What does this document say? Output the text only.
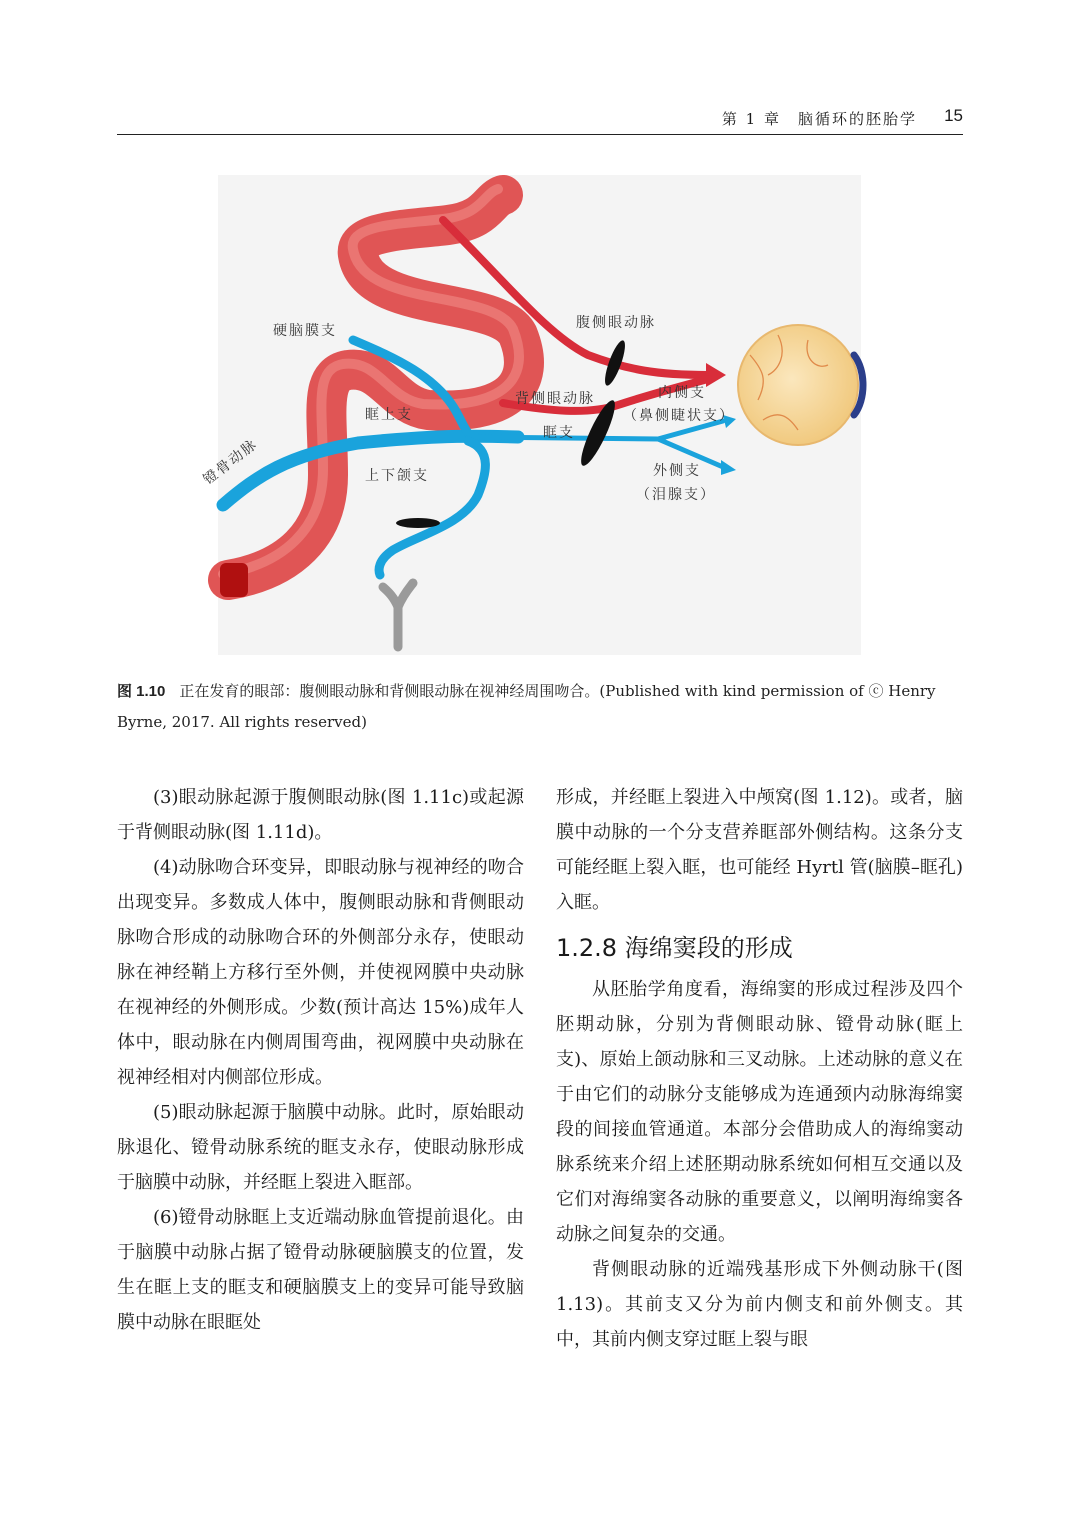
第 1 章　脑循环的胚胎学 15
硬脑膜支	腹侧眼动脉
背侧眼动脉
镫骨动脉
眶上支
眶支
上下颌支
内侧支
（鼻侧睫状支）
外侧支
（泪腺支）
图 1.10 正在发育的眼部：腹侧眼动脉和背侧眼动脉在视神经周围吻合。(Published with kind permission of ⓒ Henry Byrne, 2017. All rights reserved)

(3)眼动脉起源于腹侧眼动脉(图 1.11c)或起源于背侧眼动脉(图 1.11d)。

(4)动脉吻合环变异，即眼动脉与视神经的吻合出现变异。多数成人体中，腹侧眼动脉和背侧眼动脉吻合形成的动脉吻合环的外侧部分永存，使眼动脉在神经鞘上方移行至外侧，并使视网膜中央动脉在视神经的外侧形成。少数(预计高达 15%)成年人体中，眼动脉在内侧周围弯曲，视网膜中央动脉在视神经相对内侧部位形成。

(5)眼动脉起源于脑膜中动脉。此时，原始眼动脉退化、镫骨动脉系统的眶支永存，使眼动脉形成于脑膜中动脉，并经眶上裂进入眶部。

(6)镫骨动脉眶上支近端动脉血管提前退化。由于脑膜中动脉占据了镫骨动脉硬脑膜支的位置，发生在眶上支的眶支和硬脑膜支上的变异可能导致脑膜中动脉在眼眶处

形成，并经眶上裂进入中颅窝(图 1.12)。或者，脑膜中动脉的一个分支营养眶部外侧结构。这条分支可能经眶上裂入眶，也可能经 Hyrtl 管(脑膜–眶孔)入眶。

1.2.8 海绵窦段的形成

从胚胎学角度看，海绵窦的形成过程涉及四个胚期动脉，分别为背侧眼动脉、镫骨动脉(眶上支)、原始上颌动脉和三叉动脉。上述动脉的意义在于由它们的动脉分支能够成为连通颈内动脉海绵窦段的间接血管通道。本部分会借助成人的海绵窦动脉系统来介绍上述胚期动脉系统如何相互交通以及它们对海绵窦各动脉的重要意义，以阐明海绵窦各动脉之间复杂的交通。

背侧眼动脉的近端残基形成下外侧动脉干(图 1.13)。其前支又分为前内侧支和前外侧支。其中，其前内侧支穿过眶上裂与眼
